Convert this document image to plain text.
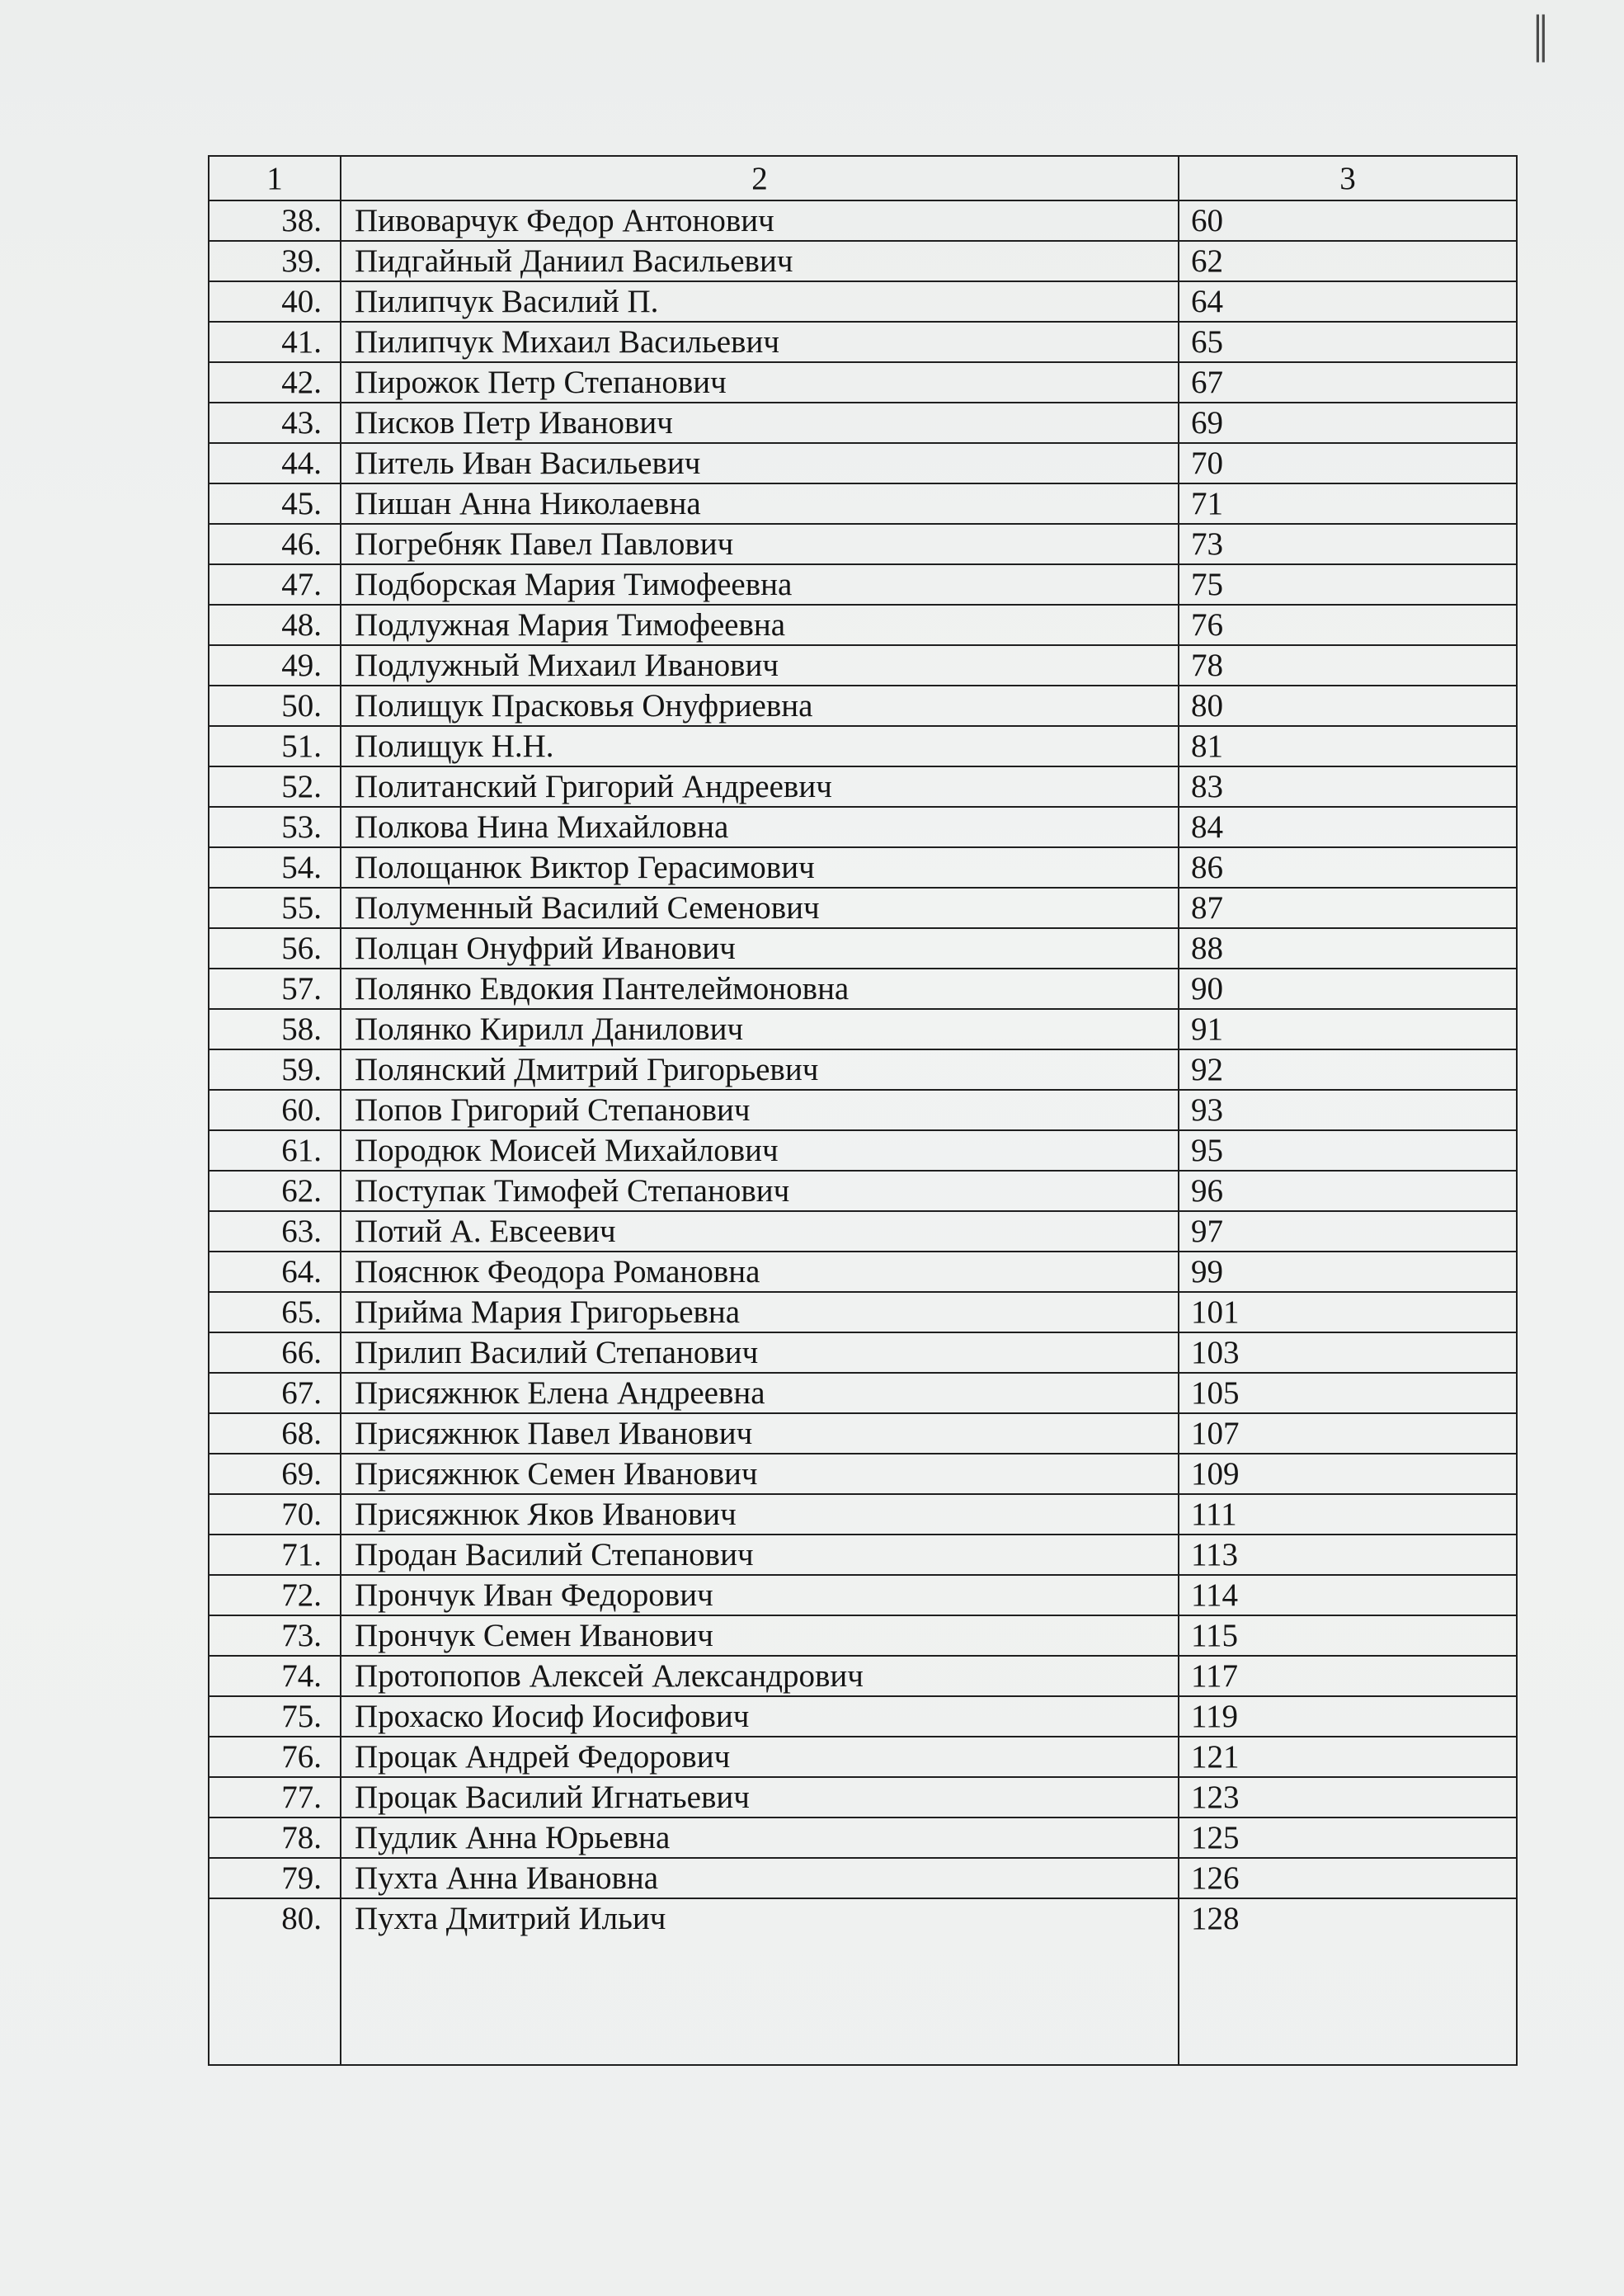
||
1	2	3
38.	Пивоварчук Федор Антонович	60
39.	Пидгайный Даниил Васильевич	62
40.	Пилипчук Василий П.	64
41.	Пилипчук Михаил Васильевич	65
42.	Пирожок Петр Степанович	67
43.	Писков Петр Иванович	69
44.	Питель Иван Васильевич	70
45.	Пишан Анна Николаевна	71
46.	Погребняк Павел Павлович	73
47.	Подборская Мария Тимофеевна	75
48.	Подлужная Мария Тимофеевна	76
49.	Подлужный Михаил Иванович	78
50.	Полищук Прасковья Онуфриевна	80
51.	Полищук Н.Н.	81
52.	Политанский Григорий Андреевич	83
53.	Полкова Нина Михайловна	84
54.	Полощанюк Виктор Герасимович	86
55.	Полуменный Василий Семенович	87
56.	Полцан Онуфрий Иванович	88
57.	Полянко Евдокия Пантелеймоновна	90
58.	Полянко Кирилл Данилович	91
59.	Полянский Дмитрий Григорьевич	92
60.	Попов Григорий Степанович	93
61.	Породюк Моисей Михайлович	95
62.	Поступак Тимофей Степанович	96
63.	Потий А. Евсеевич	97
64.	Пояснюк Феодора Романовна	99
65.	Прийма Мария Григорьевна	101
66.	Прилип Василий Степанович	103
67.	Присяжнюк Елена Андреевна	105
68.	Присяжнюк Павел Иванович	107
69.	Присяжнюк Семен Иванович	109
70.	Присяжнюк Яков Иванович	111
71.	Продан Василий Степанович	113
72.	Прончук Иван Федорович	114
73.	Прончук Семен Иванович	115
74.	Протопопов Алексей Александрович	117
75.	Прохаско Иосиф Иосифович	119
76.	Процак Андрей Федорович	121
77.	Процак Василий Игнатьевич	123
78.	Пудлик Анна Юрьевна	125
79.	Пухта Анна Ивановна	126
80.	Пухта Дмитрий Ильич	128
